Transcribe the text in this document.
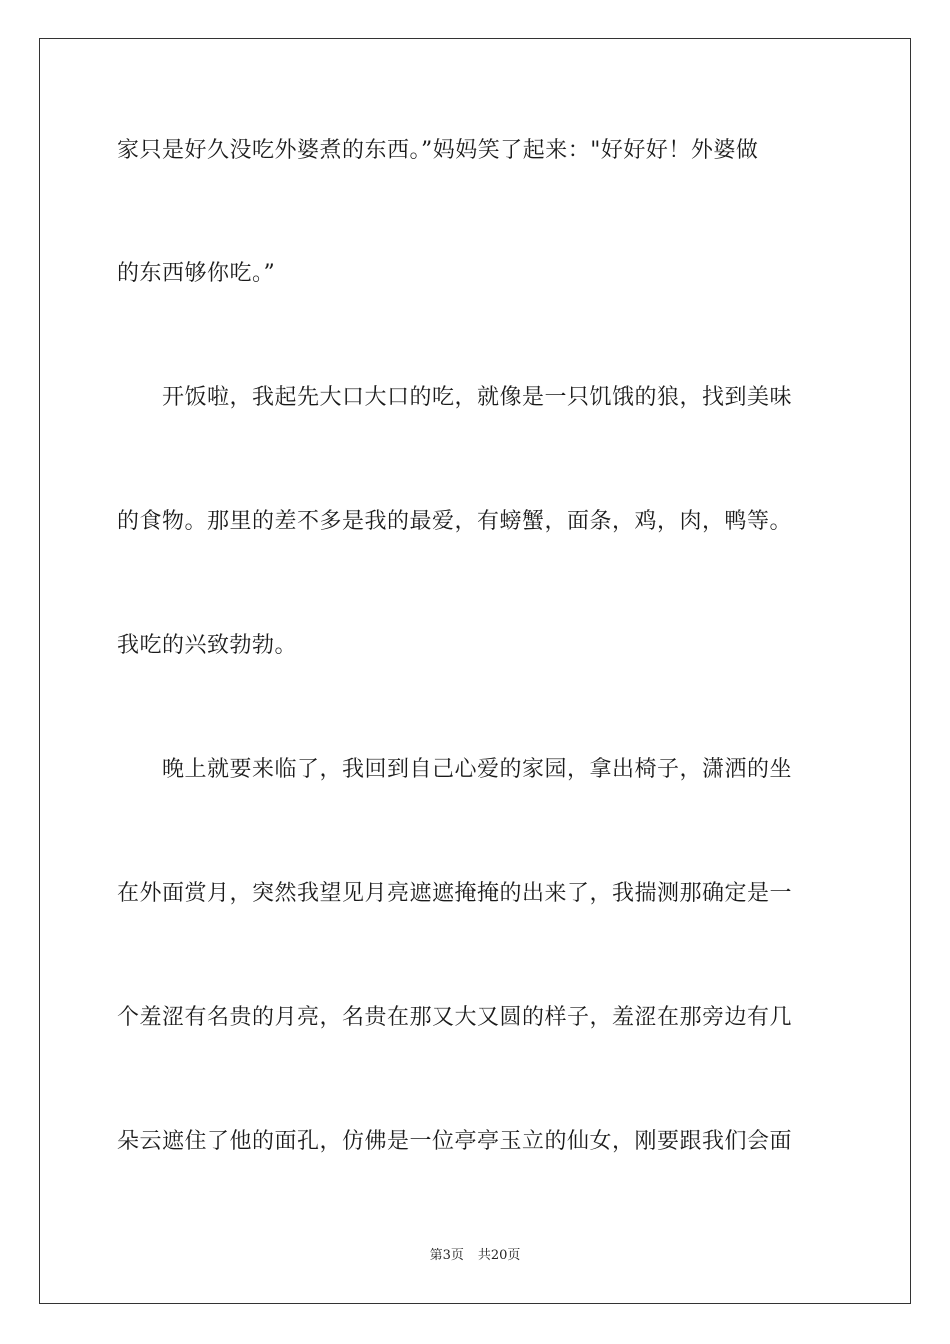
家只是好久没吃外婆煮的东西。”妈妈笑了起来："好好好！外婆做
的东西够你吃。”
　　开饭啦，我起先大口大口的吃，就像是一只饥饿的狼，找到美味
的食物。那里的差不多是我的最爱，有螃蟹，面条，鸡，肉，鸭等。
我吃的兴致勃勃。
　　晚上就要来临了，我回到自己心爱的家园，拿出椅子，潇洒的坐
在外面赏月，突然我望见月亮遮遮掩掩的出来了，我揣测那确定是一
个羞涩有名贵的月亮，名贵在那又大又圆的样子，羞涩在那旁边有几
朵云遮住了他的面孔，仿佛是一位亭亭玉立的仙女，刚要跟我们会面
第3页 共20页
